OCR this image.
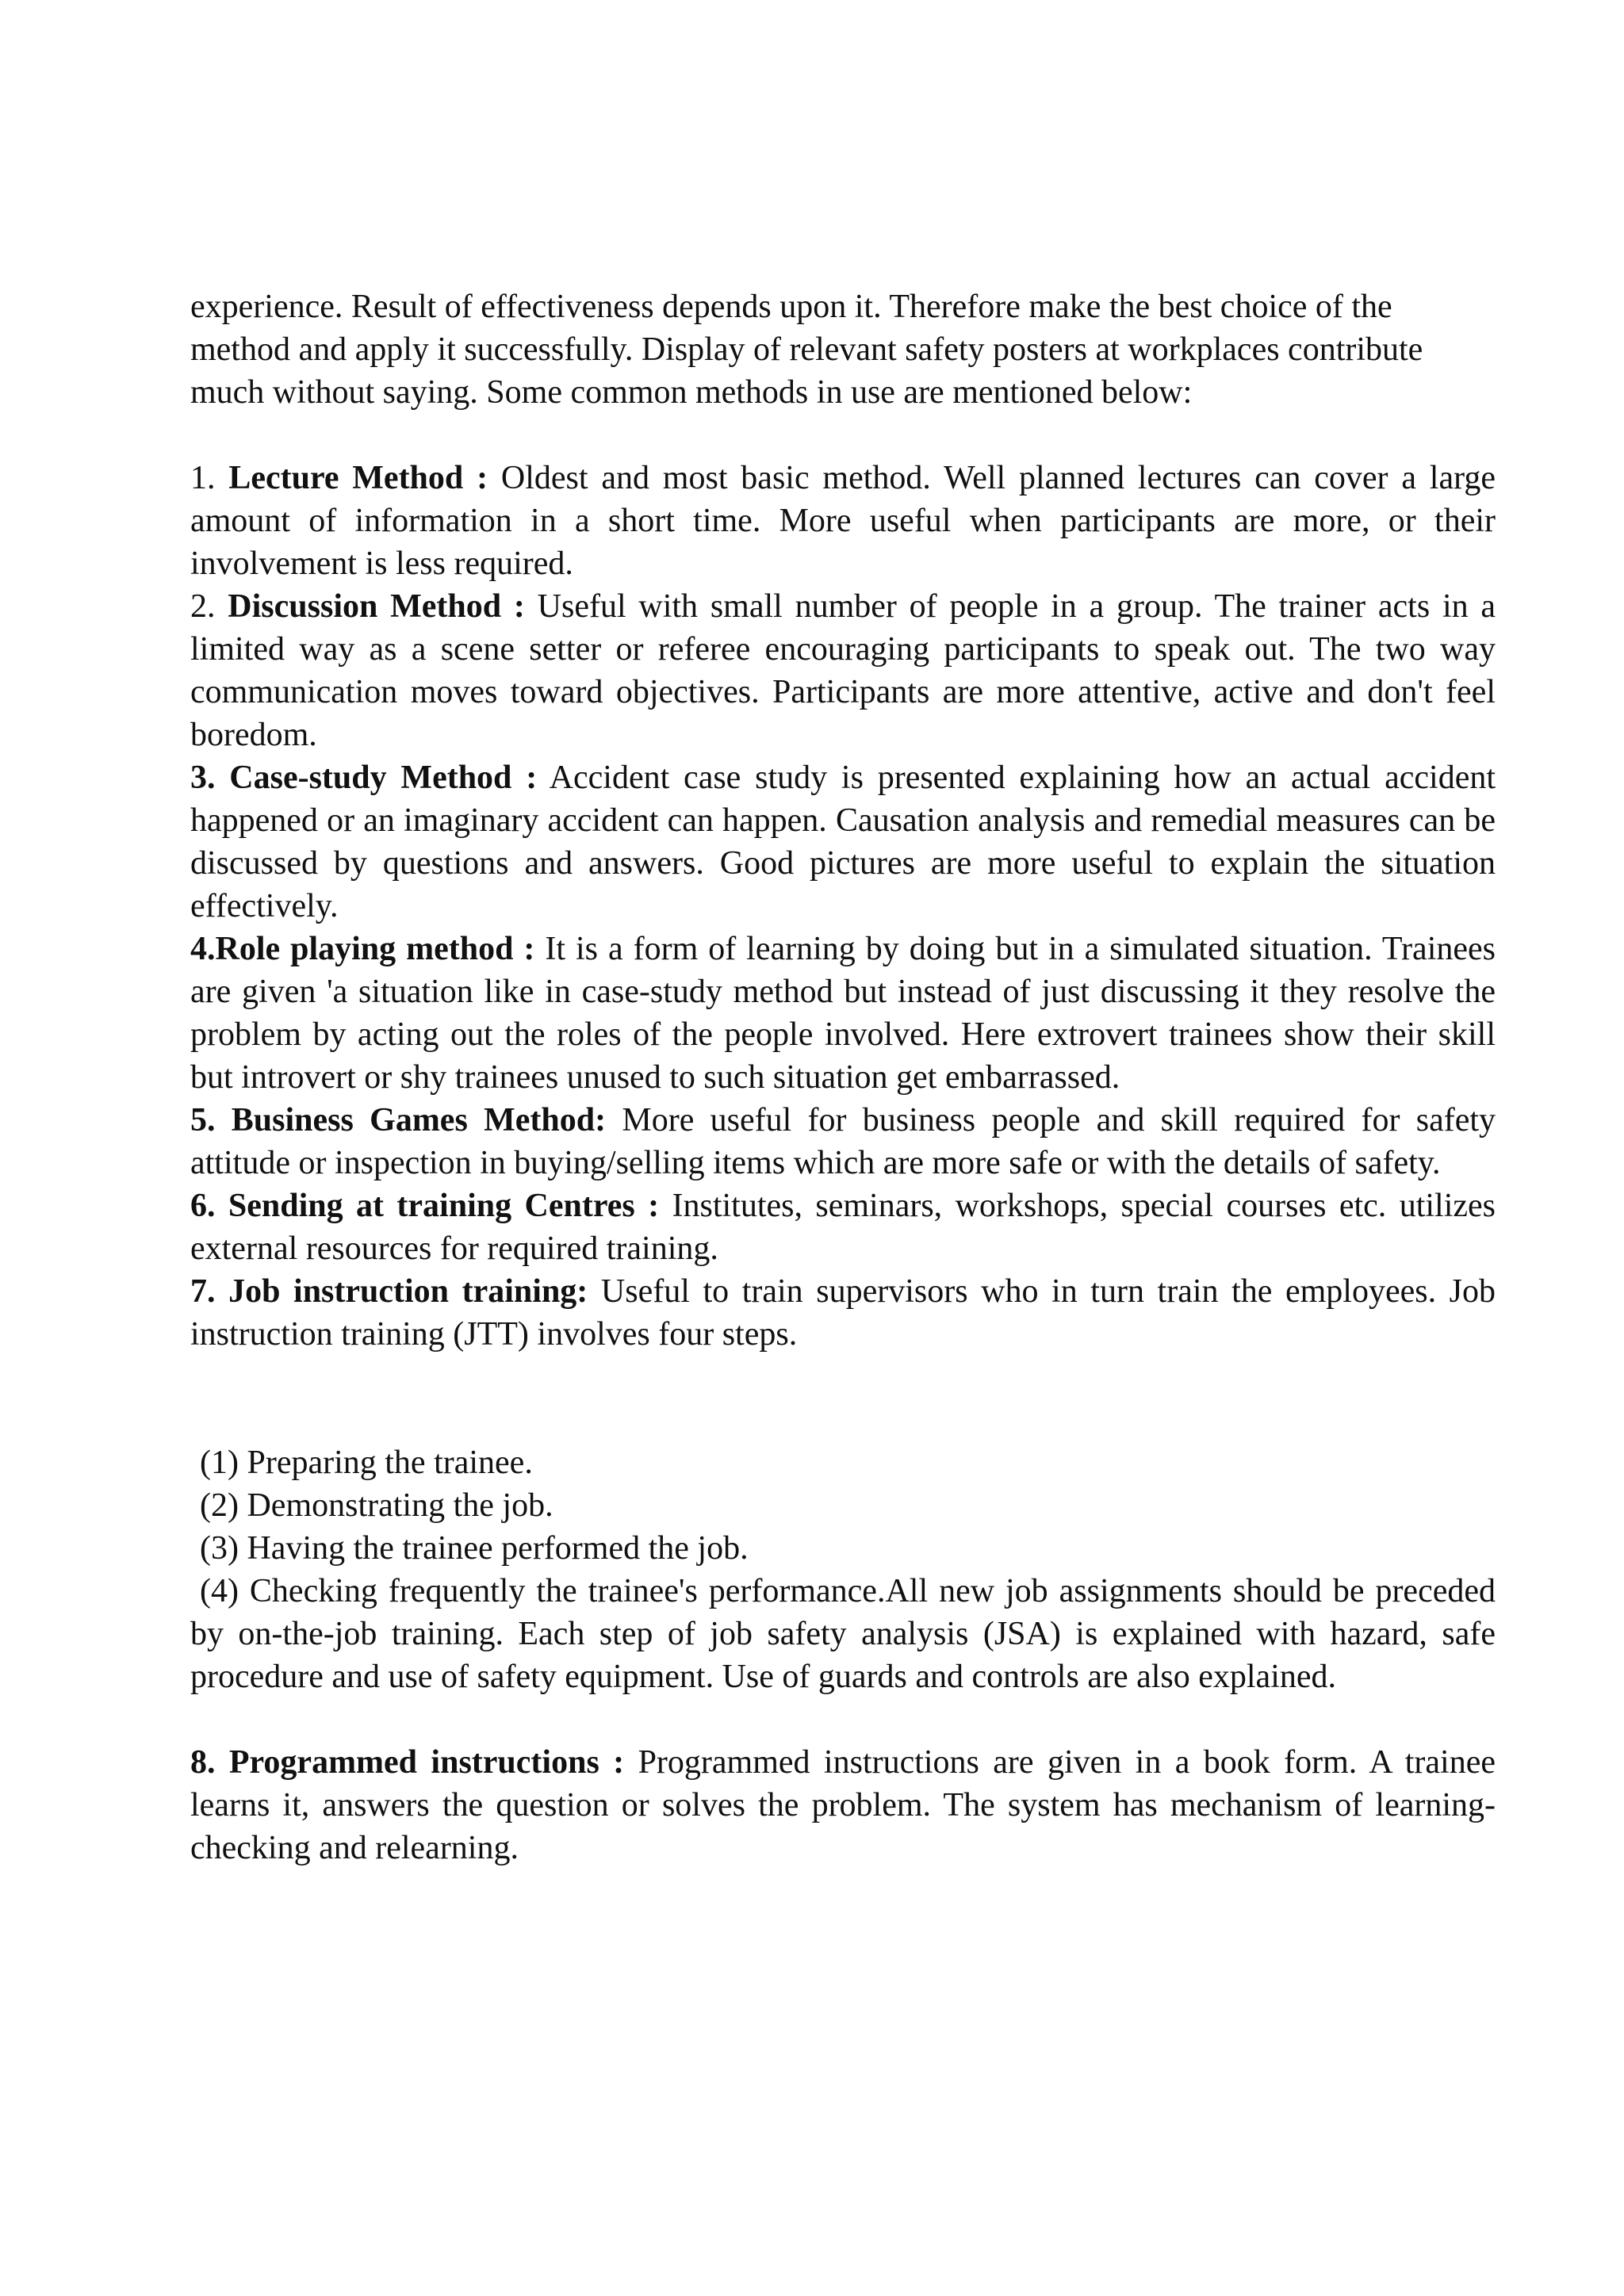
experience. Result of effectiveness depends upon it. Therefore make the best choice of the method and apply it successfully. Display of relevant safety posters at workplaces contribute much without saying. Some common methods in use are mentioned below:

1. Lecture Method : Oldest and most basic method. Well planned lectures can cover a large amount of information in a short time. More useful when participants are more, or their involvement is less required.

2. Discussion Method : Useful with small number of people in a group. The trainer acts in a limited way as a scene setter or referee encouraging participants to speak out. The two way communication moves toward objectives. Participants are more attentive, active and don't feel boredom.

3. Case-study Method : Accident case study is presented explaining how an actual accident happened or an imaginary accident can happen. Causation analysis and remedial measures can be discussed by questions and answers. Good pictures are more useful to explain the situation effectively.

4.Role playing method : It is a form of learning by doing but in a simulated situation. Trainees are given 'a situation like in case-study method but instead of just discussing it they resolve the problem by acting out the roles of the people involved. Here extrovert trainees show their skill but introvert or shy trainees unused to such situation get embarrassed.

5. Business Games Method: More useful for business people and skill required for safety attitude or inspection in buying/selling items which are more safe or with the details of safety.

6. Sending at training Centres : Institutes, seminars, workshops, special courses etc. utilizes external resources for required training.

7. Job instruction training: Useful to train supervisors who in turn train the employees. Job instruction training (JTT) involves four steps.

(1) Preparing the trainee.

(2) Demonstrating the job.

(3) Having the trainee performed the job.

(4) Checking frequently the trainee's performance.All new job assignments should be preceded by on-the-job training. Each step of job safety analysis (JSA) is explained with hazard, safe procedure and use of safety equipment. Use of guards and controls are also explained.

8. Programmed instructions : Programmed instructions are given in a book form. A trainee learns it, answers the question or solves the problem. The system has mechanism of learning-checking and relearning.
